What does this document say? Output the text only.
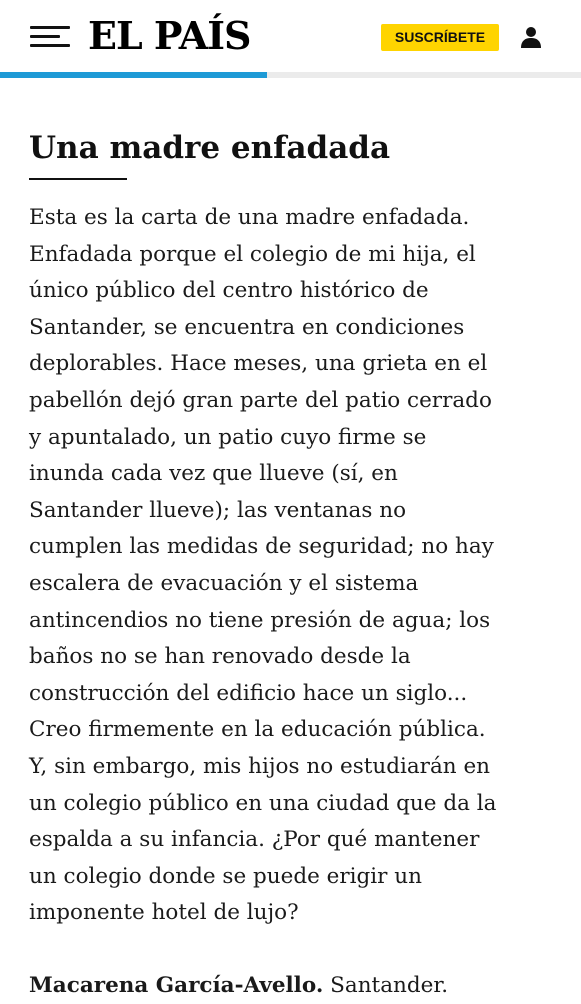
EL PAÍS	SUSCRÍBETE
Una madre enfadada

Esta es la carta de una madre enfadada.
Enfadada porque el colegio de mi hija, el
único público del centro histórico de
Santander, se encuentra en condiciones
deplorables. Hace meses, una grieta en el
pabellón dejó gran parte del patio cerrado
y apuntalado, un patio cuyo firme se
inunda cada vez que llueve (sí, en
Santander llueve); las ventanas no
cumplen las medidas de seguridad; no hay
escalera de evacuación y el sistema
antincendios no tiene presión de agua; los
baños no se han renovado desde la
construcción del edificio hace un siglo...
Creo firmemente en la educación pública.
Y, sin embargo, mis hijos no estudiarán en
un colegio público en una ciudad que da la
espalda a su infancia. ¿Por qué mantener
un colegio donde se puede erigir un
imponente hotel de lujo?

Macarena García-Avello. Santander.
